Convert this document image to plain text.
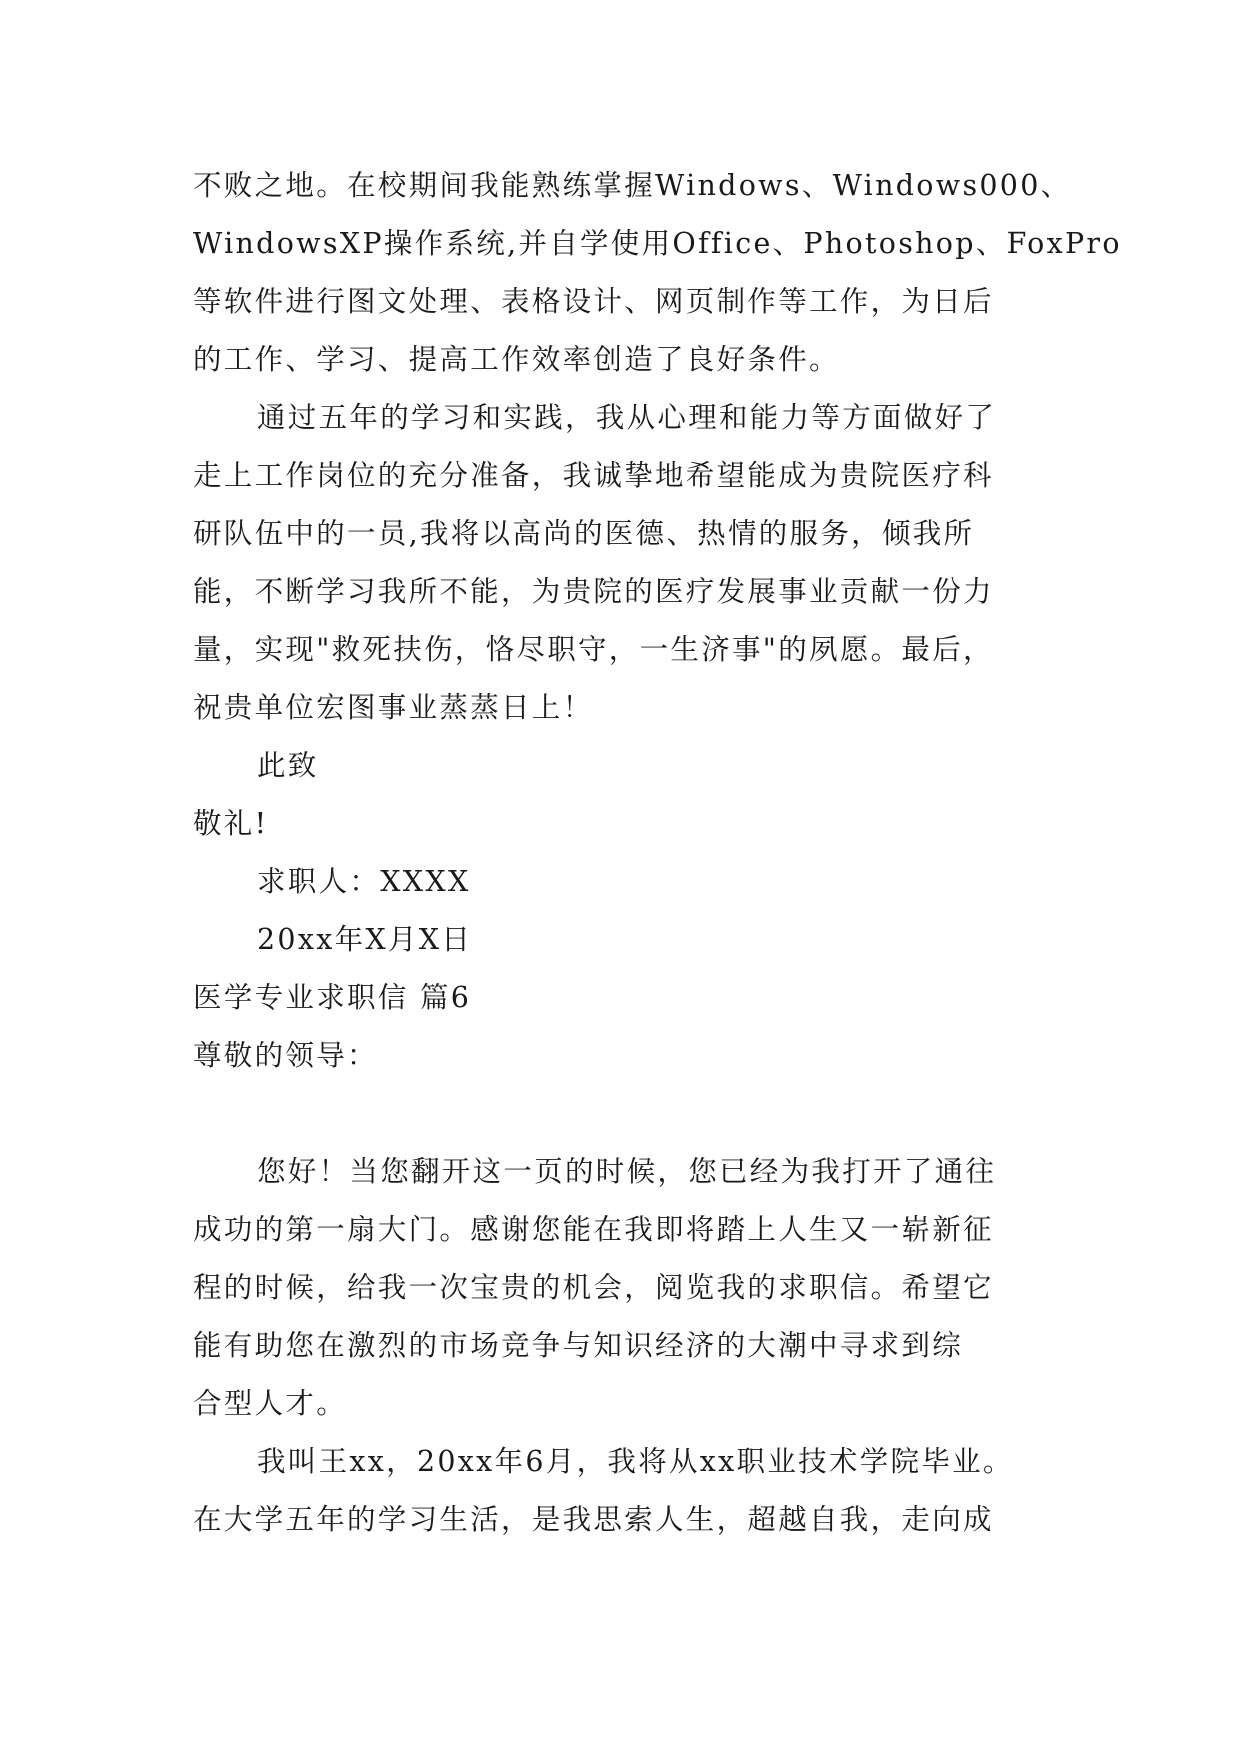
不败之地。在校期间我能熟练掌握Windows、Windows000、
WindowsXP操作系统,并自学使用Office、Photoshop、FoxPro
等软件进行图文处理、表格设计、网页制作等工作，为日后
的工作、学习、提高工作效率创造了良好条件。
通过五年的学习和实践，我从心理和能力等方面做好了
走上工作岗位的充分准备，我诚挚地希望能成为贵院医疗科
研队伍中的一员,我将以高尚的医德、热情的服务，倾我所
能，不断学习我所不能，为贵院的医疗发展事业贡献一份力
量，实现"救死扶伤，恪尽职守，一生济事"的夙愿。最后，
祝贵单位宏图事业蒸蒸日上！
此致
敬礼!
求职人：XXXX
20xx年X月X日
医学专业求职信 篇6
尊敬的领导：
您好！当您翻开这一页的时候，您已经为我打开了通往
成功的第一扇大门。感谢您能在我即将踏上人生又一崭新征
程的时候，给我一次宝贵的机会，阅览我的求职信。希望它
能有助您在激烈的市场竞争与知识经济的大潮中寻求到综
合型人才。
我叫王xx，20xx年6月，我将从xx职业技术学院毕业。
在大学五年的学习生活，是我思索人生，超越自我，走向成
